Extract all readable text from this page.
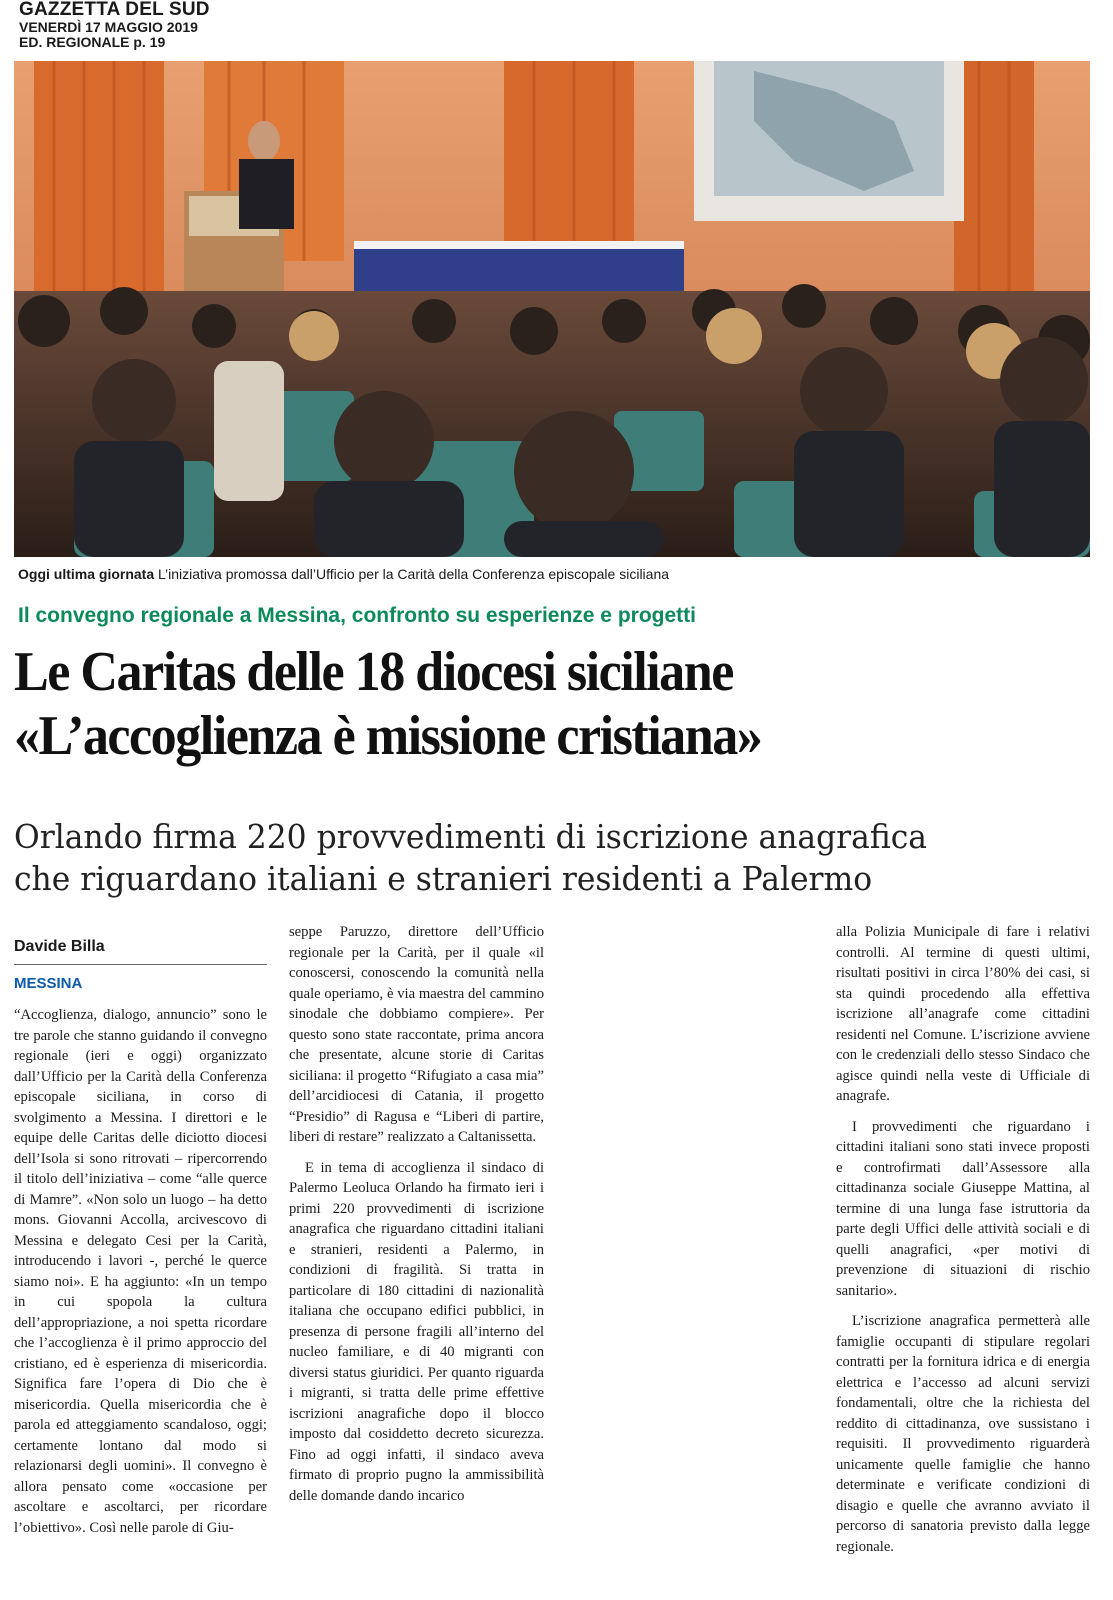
GAZZETTA DEL SUD
VENERDÌ 17 MAGGIO 2019
ED. REGIONALE p. 19
Oggi ultima giornata L’iniziativa promossa dall’Ufficio per la Carità della Conferenza episcopale siciliana
Il convegno regionale a Messina, confronto su esperienze e progetti
Le Caritas delle 18 diocesi siciliane
«L’accoglienza è missione cristiana»
Orlando firma 220 provvedimenti di iscrizione anagrafica
che riguardano italiani e stranieri residenti a Palermo
Davide Billa
MESSINA

“Accoglienza, dialogo, annuncio” sono le tre parole che stanno guidando il convegno regionale (ieri e oggi) organizzato dall’Ufficio per la Carità della Conferenza episcopale siciliana, in corso di svolgimento a Messina. I direttori e le equipe delle Caritas delle diciotto diocesi dell’Isola si sono ritrovati – ripercorrendo il titolo dell’iniziativa – come “alle querce di Mamre”. «Non solo un luogo – ha detto mons. Giovanni Accolla, arcivescovo di Messina e delegato Cesi per la Carità, introducendo i lavori -, perché le querce siamo noi». E ha aggiunto: «In un tempo in cui spopola la cultura dell’appropriazione, a noi spetta ricordare che l’accoglienza è il primo approccio del cristiano, ed è esperienza di misericordia. Significa fare l’opera di Dio che è misericordia. Quella misericordia che è parola ed atteggiamento scandaloso, oggi; certamente lontano dal modo si relazionarsi degli uomini». Il convegno è allora pensato come «occasione per ascoltare e ascoltarci, per ricordare l’obiettivo». Così nelle parole di Giu-

seppe Paruzzo, direttore dell’Ufficio regionale per la Carità, per il quale «il conoscersi, conoscendo la comunità nella quale operiamo, è via maestra del cammino sinodale che dobbiamo compiere». Per questo sono state raccontate, prima ancora che presentate, alcune storie di Caritas siciliana: il progetto “Rifugiato a casa mia” dell’arcidiocesi di Catania, il progetto “Presidio” di Ragusa e “Liberi di partire, liberi di restare” realizzato a Caltanissetta.

E in tema di accoglienza il sindaco di Palermo Leoluca Orlando ha firmato ieri i primi 220 provvedimenti di iscrizione anagrafica che riguardano cittadini italiani e stranieri, residenti a Palermo, in condizioni di fragilità. Si tratta in particolare di 180 cittadini di nazionalità italiana che occupano edifici pubblici, in presenza di persone fragili all’interno del nucleo familiare, e di 40 migranti con diversi status giuridici. Per quanto riguarda i migranti, si tratta delle prime effettive iscrizioni anagrafiche dopo il blocco imposto dal cosiddetto decreto sicurezza. Fino ad oggi infatti, il sindaco aveva firmato di proprio pugno la ammissibilità delle domande dando incarico

alla Polizia Municipale di fare i relativi controlli. Al termine di questi ultimi, risultati positivi in circa l’80% dei casi, si sta quindi procedendo alla effettiva iscrizione all’anagrafe come cittadini residenti nel Comune. L’iscrizione avviene con le credenziali dello stesso Sindaco che agisce quindi nella veste di Ufficiale di anagrafe.

I provvedimenti che riguardano i cittadini italiani sono stati invece proposti e controfirmati dall’Assessore alla cittadinanza sociale Giuseppe Mattina, al termine di una lunga fase istruttoria da parte degli Uffici delle attività sociali e di quelli anagrafici, «per motivi di prevenzione di situazioni di rischio sanitario».

L’iscrizione anagrafica permetterà alle famiglie occupanti di stipulare regolari contratti per la fornitura idrica e di energia elettrica e l’accesso ad alcuni servizi fondamentali, oltre che la richiesta del reddito di cittadinanza, ove sussistano i requisiti. Il provvedimento riguarderà unicamente quelle famiglie che hanno determinate e verificate condizioni di disagio e quelle che avranno avviato il percorso di sanatoria previsto dalla legge regionale.
